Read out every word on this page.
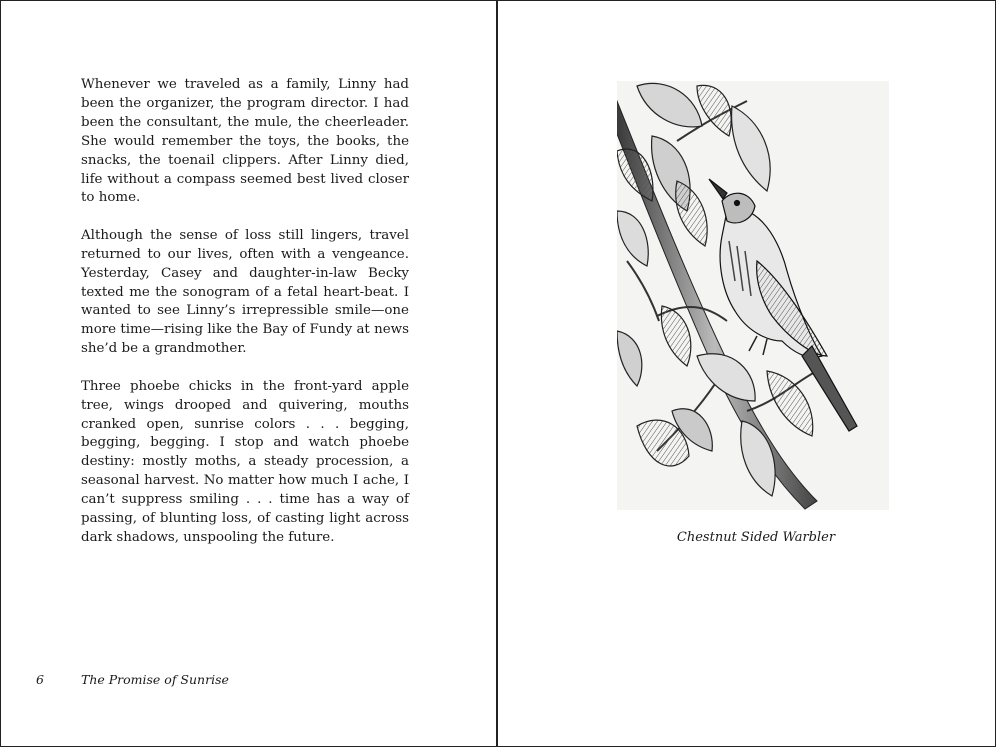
Whenever we traveled as a family, Linny had been the organizer, the program director. I had been the consultant, the mule, the cheerleader. She would remember the toys, the books, the snacks, the toenail clippers. After Linny died, life without a compass seemed best lived closer to home.

Although the sense of loss still lingers, travel returned to our lives, often with a vengeance. Yesterday, Casey and daughter-in-law Becky texted me the sonogram of a fetal heart-beat. I wanted to see Linny’s irrepressible smile—one more time—rising like the Bay of Fundy at news she’d be a grandmother.

Three phoebe chicks in the front-yard apple tree, wings drooped and quivering, mouths cranked open, sunrise colors . . . begging, begging, begging. I stop and watch phoebe destiny: mostly moths, a steady procession, a seasonal harvest. No matter how much I ache, I can’t suppress smiling . . . time has a way of passing, of blunting loss, of casting light across dark shadows, unspooling the future.

6	The Promise of Sunrise
Chestnut Sided Warbler
